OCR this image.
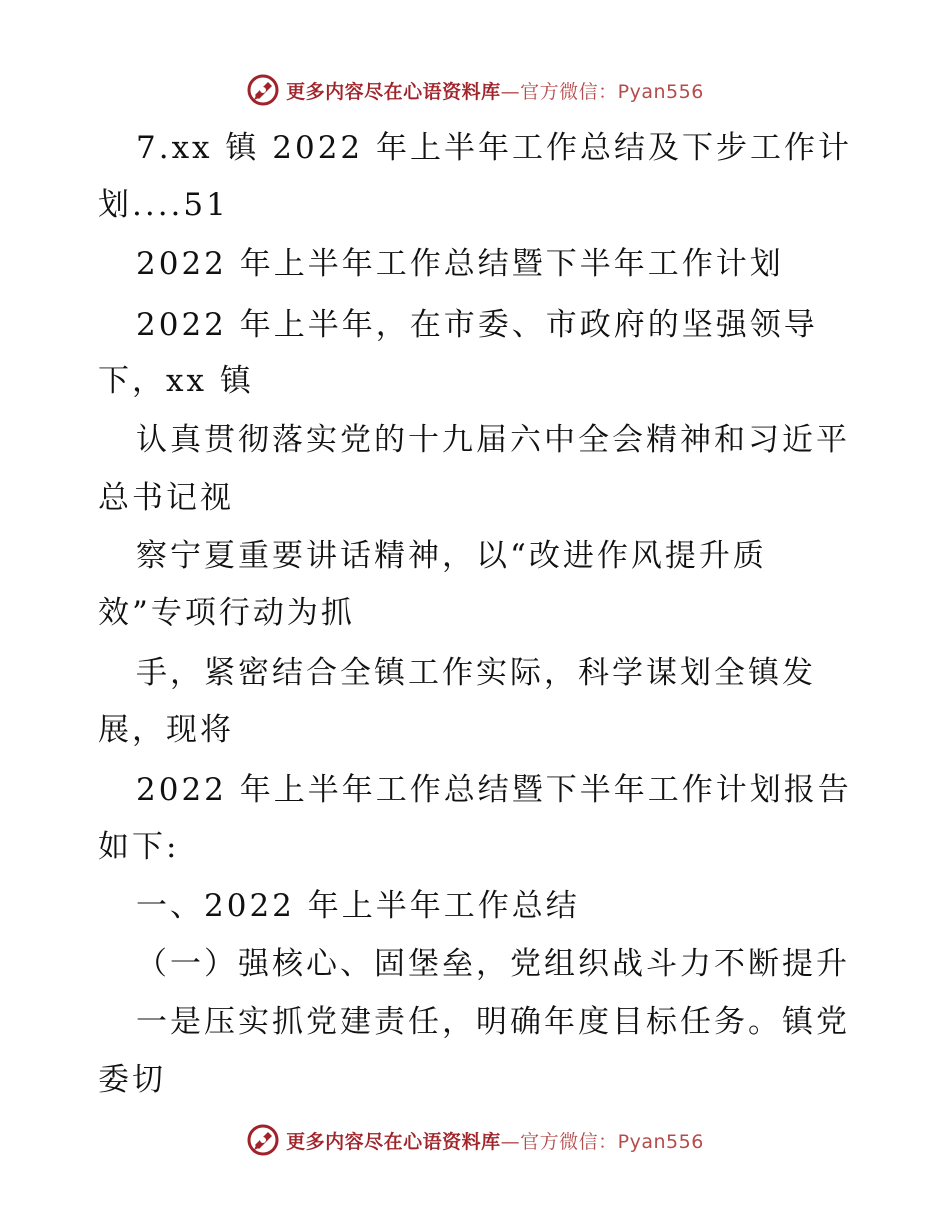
更多内容尽在心语资料库—官方微信：Pyan556
7.xx 镇 2022 年上半年工作总结及下步工作计
划....51
2022 年上半年工作总结暨下半年工作计划
2022 年上半年，在市委、市政府的坚强领导
下，xx 镇
认真贯彻落实党的十九届六中全会精神和习近平
总书记视
察宁夏重要讲话精神，以“改进作风提升质
效”专项行动为抓
手，紧密结合全镇工作实际，科学谋划全镇发
展，现将
2022 年上半年工作总结暨下半年工作计划报告
如下:
一、2022 年上半年工作总结
（一）强核心、固堡垒，党组织战斗力不断提升
一是压实抓党建责任，明确年度目标任务。镇党
委切
更多内容尽在心语资料库—官方微信：Pyan556
